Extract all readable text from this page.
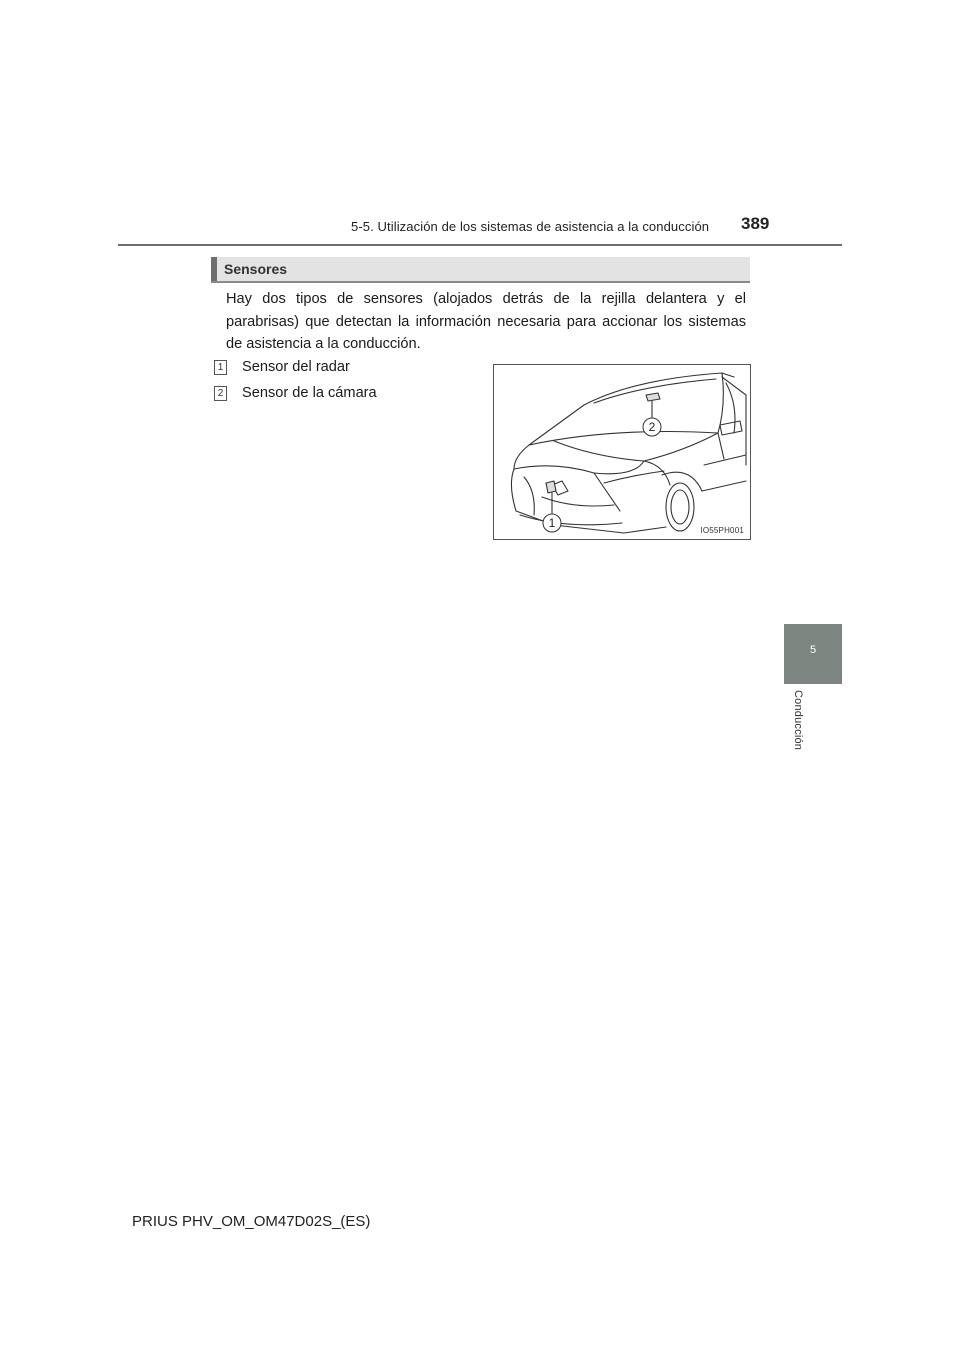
5-5. Utilización de los sistemas de asistencia a la conducción 389
Sensores
Hay dos tipos de sensores (alojados detrás de la rejilla delantera y el parabrisas) que detectan la información necesaria para accionar los sistemas de asistencia a la conducción.
1 Sensor del radar
2 Sensor de la cámara
2
1
IO55PH001
5
Conducción
PRIUS PHV_OM_OM47D02S_(ES)
